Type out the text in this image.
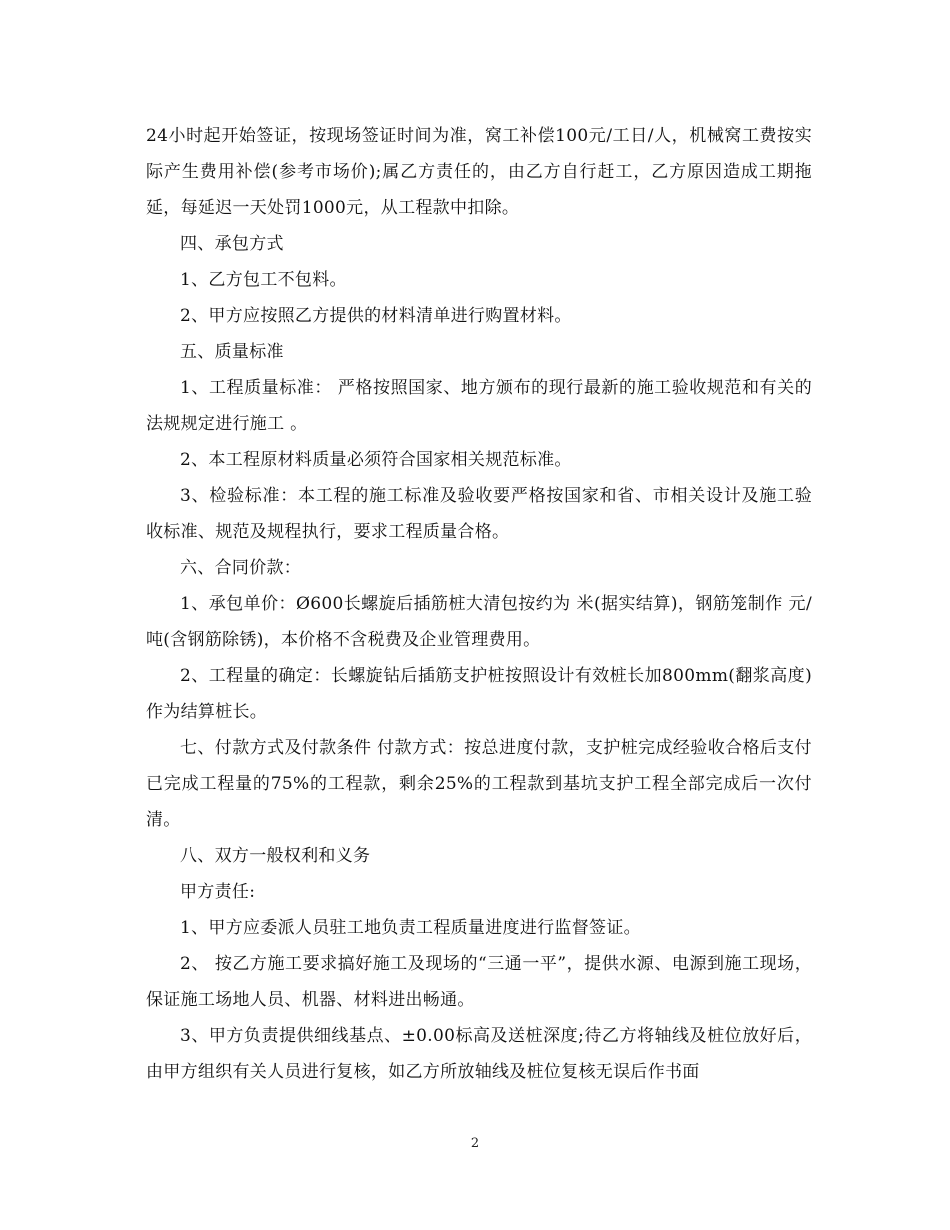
24小时起开始签证，按现场签证时间为准，窝工补偿100元/工日/人，机械窝工费按实际产生费用补偿(参考市场价);属乙方责任的，由乙方自行赶工，乙方原因造成工期拖延，每延迟一天处罚1000元，从工程款中扣除。

四、承包方式

1、乙方包工不包料。

2、甲方应按照乙方提供的材料清单进行购置材料。

五、质量标准

1、工程质量标准： 严格按照国家、地方颁布的现行最新的施工验收规范和有关的法规规定进行施工 。

2、本工程原材料质量必须符合国家相关规范标准。

3、检验标准：本工程的施工标准及验收要严格按国家和省、市相关设计及施工验收标准、规范及规程执行，要求工程质量合格。

六、合同价款：

1、承包单价：Ø600长螺旋后插筋桩大清包按约为 米(据实结算)，钢筋笼制作 元/吨(含钢筋除锈)，本价格不含税费及企业管理费用。

2、工程量的确定：长螺旋钻后插筋支护桩按照设计有效桩长加800mm(翻浆高度)作为结算桩长。

七、付款方式及付款条件 付款方式：按总进度付款，支护桩完成经验收合格后支付已完成工程量的75%的工程款，剩余25%的工程款到基坑支护工程全部完成后一次付清。

八、双方一般权利和义务

甲方责任:

1、甲方应委派人员驻工地负责工程质量进度进行监督签证。

2、 按乙方施工要求搞好施工及现场的“三通一平”，提供水源、电源到施工现场，保证施工场地人员、机器、材料进出畅通。

3、甲方负责提供细线基点、±0.00标高及送桩深度;待乙方将轴线及桩位放好后，由甲方组织有关人员进行复核，如乙方所放轴线及桩位复核无误后作书面

2
